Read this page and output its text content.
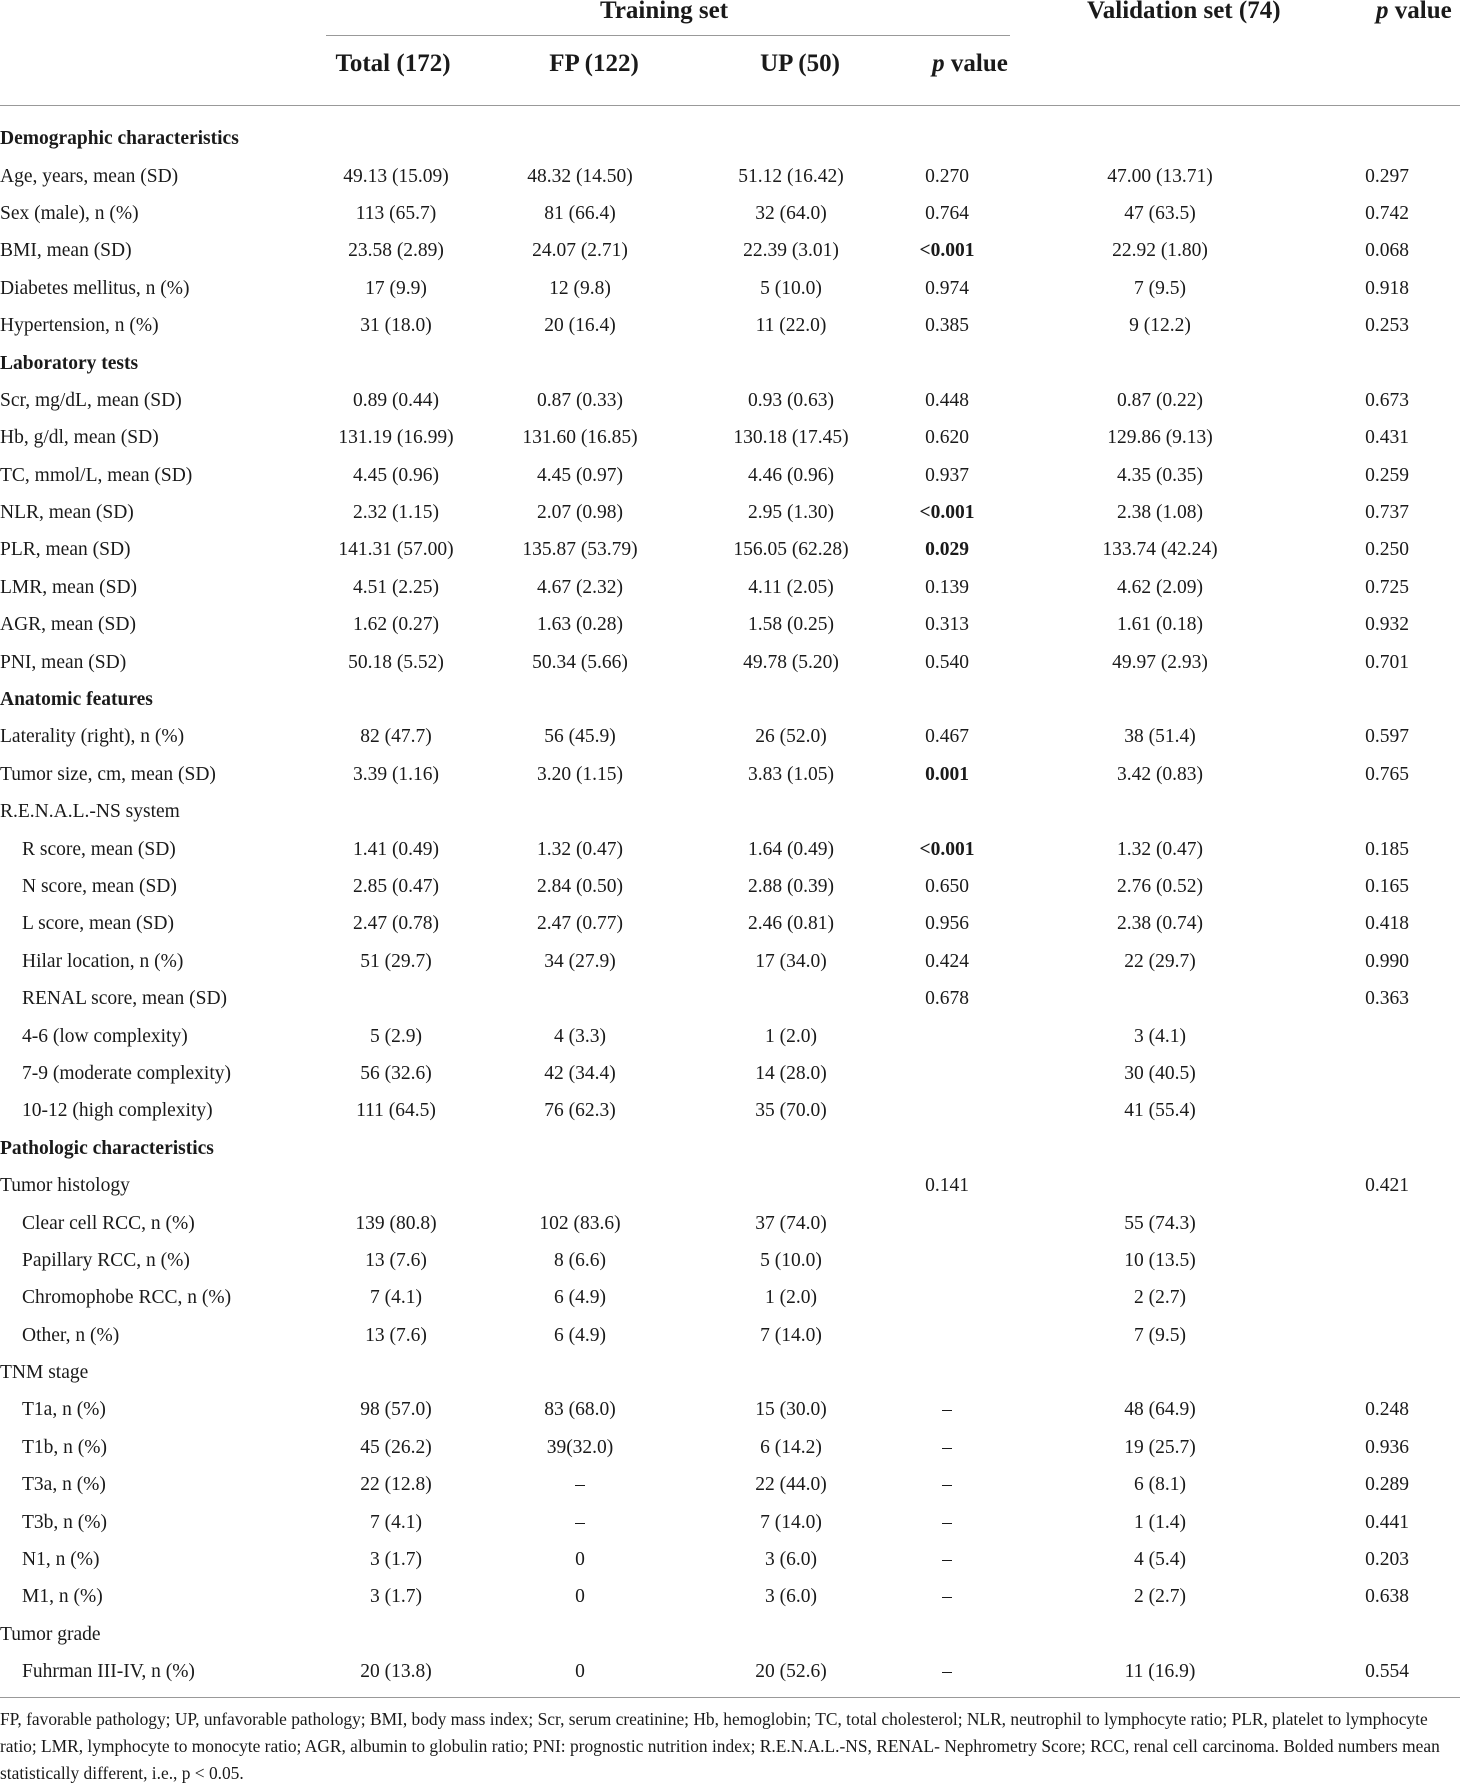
Training set	Validation set (74)	p value
Total (172)	FP (122)	UP (50)	p value
Demographic characteristics						
Age, years, mean (SD)	49.13 (15.09)	48.32 (14.50)	51.12 (16.42)	0.270	47.00 (13.71)	0.297
Sex (male), n (%)	113 (65.7)	81 (66.4)	32 (64.0)	0.764	47 (63.5)	0.742
BMI, mean (SD)	23.58 (2.89)	24.07 (2.71)	22.39 (3.01)	<0.001	22.92 (1.80)	0.068
Diabetes mellitus, n (%)	17 (9.9)	12 (9.8)	5 (10.0)	0.974	7 (9.5)	0.918
Hypertension, n (%)	31 (18.0)	20 (16.4)	11 (22.0)	0.385	9 (12.2)	0.253
Laboratory tests						
Scr, mg/dL, mean (SD)	0.89 (0.44)	0.87 (0.33)	0.93 (0.63)	0.448	0.87 (0.22)	0.673
Hb, g/dl, mean (SD)	131.19 (16.99)	131.60 (16.85)	130.18 (17.45)	0.620	129.86 (9.13)	0.431
TC, mmol/L, mean (SD)	4.45 (0.96)	4.45 (0.97)	4.46 (0.96)	0.937	4.35 (0.35)	0.259
NLR, mean (SD)	2.32 (1.15)	2.07 (0.98)	2.95 (1.30)	<0.001	2.38 (1.08)	0.737
PLR, mean (SD)	141.31 (57.00)	135.87 (53.79)	156.05 (62.28)	0.029	133.74 (42.24)	0.250
LMR, mean (SD)	4.51 (2.25)	4.67 (2.32)	4.11 (2.05)	0.139	4.62 (2.09)	0.725
AGR, mean (SD)	1.62 (0.27)	1.63 (0.28)	1.58 (0.25)	0.313	1.61 (0.18)	0.932
PNI, mean (SD)	50.18 (5.52)	50.34 (5.66)	49.78 (5.20)	0.540	49.97 (2.93)	0.701
Anatomic features						
Laterality (right), n (%)	82 (47.7)	56 (45.9)	26 (52.0)	0.467	38 (51.4)	0.597
Tumor size, cm, mean (SD)	3.39 (1.16)	3.20 (1.15)	3.83 (1.05)	0.001	3.42 (0.83)	0.765
R.E.N.A.L.-NS system						
R score, mean (SD)	1.41 (0.49)	1.32 (0.47)	1.64 (0.49)	<0.001	1.32 (0.47)	0.185
N score, mean (SD)	2.85 (0.47)	2.84 (0.50)	2.88 (0.39)	0.650	2.76 (0.52)	0.165
L score, mean (SD)	2.47 (0.78)	2.47 (0.77)	2.46 (0.81)	0.956	2.38 (0.74)	0.418
Hilar location, n (%)	51 (29.7)	34 (27.9)	17 (34.0)	0.424	22 (29.7)	0.990
RENAL score, mean (SD)				0.678		0.363
4-6 (low complexity)	5 (2.9)	4 (3.3)	1 (2.0)		3 (4.1)	
7-9 (moderate complexity)	56 (32.6)	42 (34.4)	14 (28.0)		30 (40.5)	
10-12 (high complexity)	111 (64.5)	76 (62.3)	35 (70.0)		41 (55.4)	
Pathologic characteristics						
Tumor histology				0.141		0.421
Clear cell RCC, n (%)	139 (80.8)	102 (83.6)	37 (74.0)		55 (74.3)	
Papillary RCC, n (%)	13 (7.6)	8 (6.6)	5 (10.0)		10 (13.5)	
Chromophobe RCC, n (%)	7 (4.1)	6 (4.9)	1 (2.0)		2 (2.7)	
Other, n (%)	13 (7.6)	6 (4.9)	7 (14.0)		7 (9.5)	
TNM stage						
T1a, n (%)	98 (57.0)	83 (68.0)	15 (30.0)	–	48 (64.9)	0.248
T1b, n (%)	45 (26.2)	39(32.0)	6 (14.2)	–	19 (25.7)	0.936
T3a, n (%)	22 (12.8)	–	22 (44.0)	–	6 (8.1)	0.289
T3b, n (%)	7 (4.1)	–	7 (14.0)	–	1 (1.4)	0.441
N1, n (%)	3 (1.7)	0	3 (6.0)	–	4 (5.4)	0.203
M1, n (%)	3 (1.7)	0	3 (6.0)	–	2 (2.7)	0.638
Tumor grade						
Fuhrman III-IV, n (%)	20 (13.8)	0	20 (52.6)	–	11 (16.9)	0.554
FP, favorable pathology; UP, unfavorable pathology; BMI, body mass index; Scr, serum creatinine; Hb, hemoglobin; TC, total cholesterol; NLR, neutrophil to lymphocyte ratio; PLR, platelet to lymphocyte ratio; LMR, lymphocyte to monocyte ratio; AGR, albumin to globulin ratio; PNI: prognostic nutrition index; R.E.N.A.L.-NS, RENAL- Nephrometry Score; RCC, renal cell carcinoma. Bolded numbers mean statistically different, i.e., p < 0.05.
